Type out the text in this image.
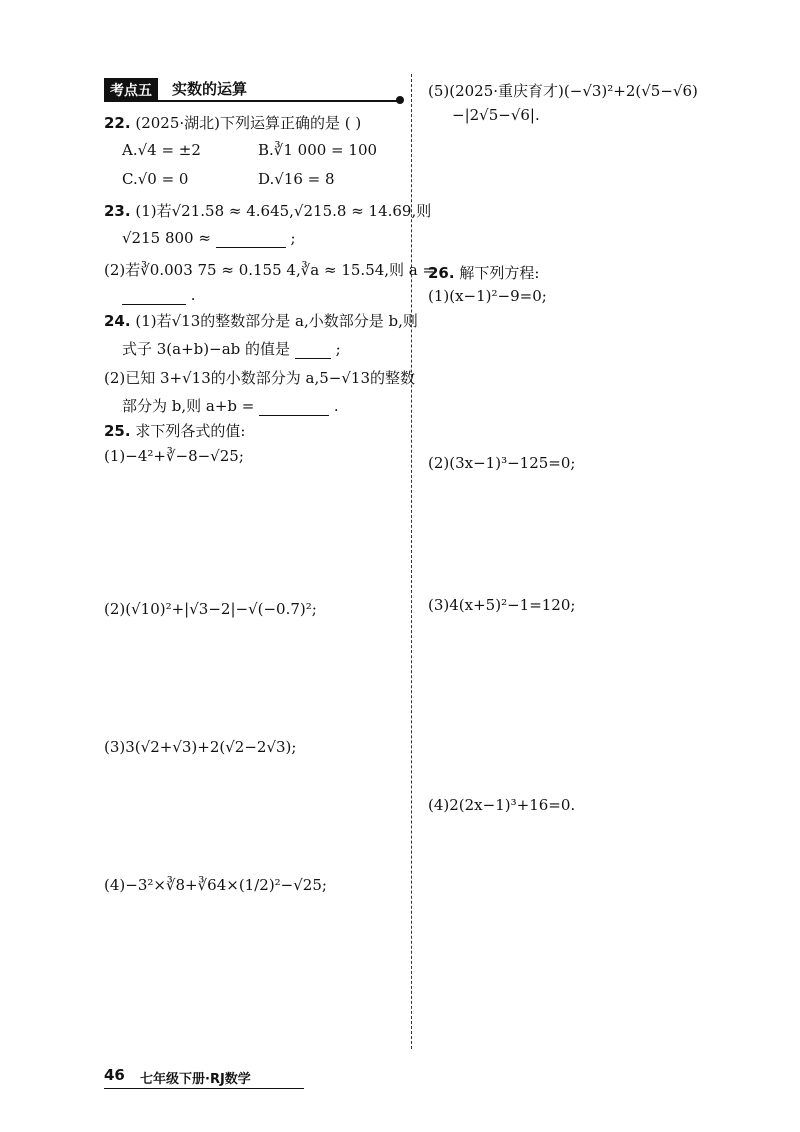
考点五	实数的运算
22. (2025·湖北)下列运算正确的是 ( )
A.√4 = ±2	B.∛1 000 = 100
C.√0 = 0	D.√16 = 8
23. (1)若√21.58 ≈ 4.645,√215.8 ≈ 14.69,则
√215 800 ≈	;
(2)若∛0.003 75 ≈ 0.155 4,∛a ≈ 15.54,则 a =
.
24. (1)若√13的整数部分是 a,小数部分是 b,则
式子 3(a+b)−ab 的值是	;
(2)已知 3+√13的小数部分为 a,5−√13的整数
部分为 b,则 a+b =	.
25. 求下列各式的值:
(1)−4²+∛−8−√25;
(2)(√10)²+|√3−2|−√(−0.7)²;
(3)3(√2+√3)+2(√2−2√3);
(4)−3²×∛8+∛64×(1/2)²−√25;
(5)(2025·重庆育才)(−√3)²+2(√5−√6)
−|2√5−√6|.
26. 解下列方程:
(1)(x−1)²−9=0;
(2)(3x−1)³−125=0;
(3)4(x+5)²−1=120;
(4)2(2x−1)³+16=0.
46 七年级下册·RJ数学
